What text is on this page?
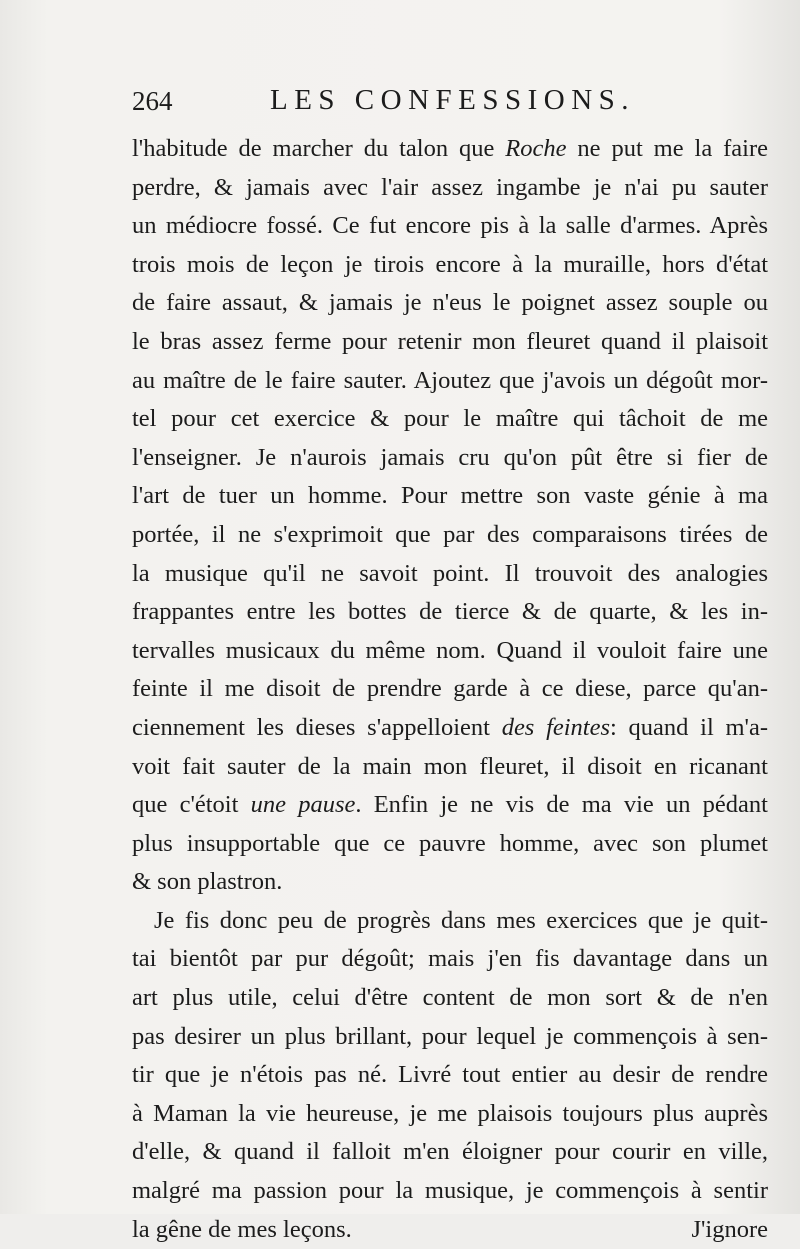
264	LES CONFESSIONS.
l'habitude de marcher du talon que Roche ne put me la faire
perdre, & jamais avec l'air assez ingambe je n'ai pu sauter
un médiocre fossé. Ce fut encore pis à la salle d'armes. Après
trois mois de leçon je tirois encore à la muraille, hors d'état
de faire assaut, & jamais je n'eus le poignet assez souple ou
le bras assez ferme pour retenir mon fleuret quand il plaisoit
au maître de le faire sauter. Ajoutez que j'avois un dégoût mor-
tel pour cet exercice & pour le maître qui tâchoit de me
l'enseigner. Je n'aurois jamais cru qu'on pût être si fier de
l'art de tuer un homme. Pour mettre son vaste génie à ma
portée, il ne s'exprimoit que par des comparaisons tirées de
la musique qu'il ne savoit point. Il trouvoit des analogies
frappantes entre les bottes de tierce & de quarte, & les in-
tervalles musicaux du même nom. Quand il vouloit faire une
feinte il me disoit de prendre garde à ce diese, parce qu'an-
ciennement les dieses s'appelloient des feintes: quand il m'a-
voit fait sauter de la main mon fleuret, il disoit en ricanant
que c'étoit une pause. Enfin je ne vis de ma vie un pédant
plus insupportable que ce pauvre homme, avec son plumet
& son plastron.
Je fis donc peu de progrès dans mes exercices que je quit-
tai bientôt par pur dégoût; mais j'en fis davantage dans un
art plus utile, celui d'être content de mon sort & de n'en
pas desirer un plus brillant, pour lequel je commençois à sen-
tir que je n'étois pas né. Livré tout entier au desir de rendre
à Maman la vie heureuse, je me plaisois toujours plus auprès
d'elle, & quand il falloit m'en éloigner pour courir en ville,
malgré ma passion pour la musique, je commençois à sentir
la gêne de mes leçons.	J'ignore
